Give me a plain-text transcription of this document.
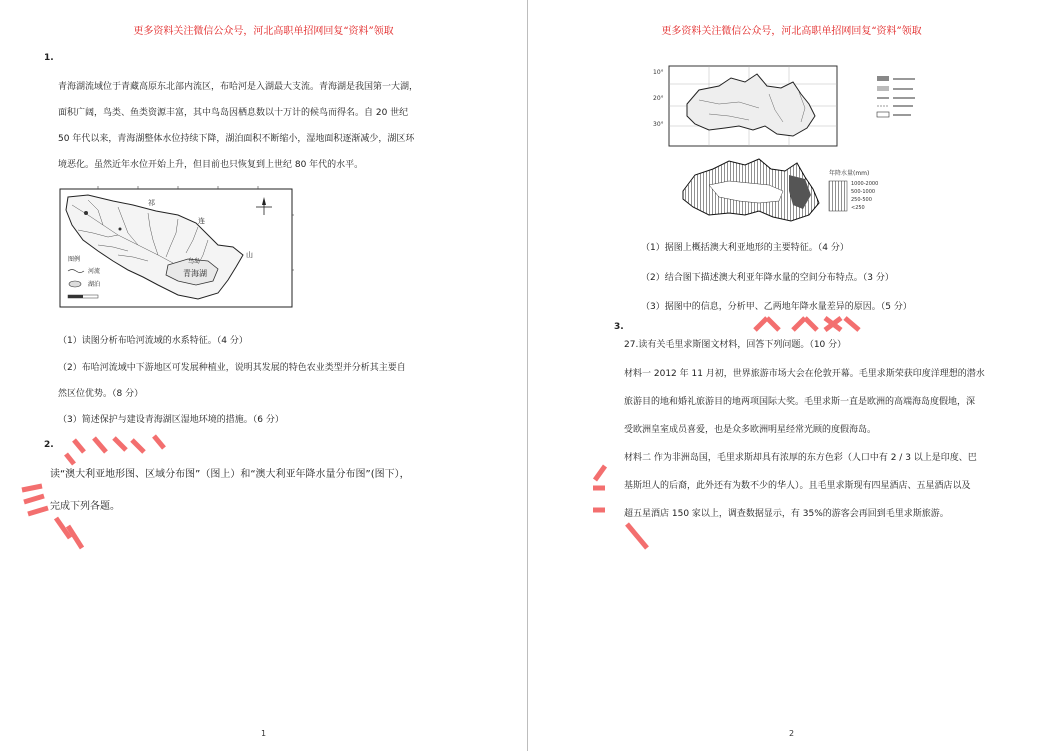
更多资料关注微信公众号，河北高职单招网回复“资料”领取
1.
青海湖流域位于青藏高原东北部内流区，布哈河是入湖最大支流。青海湖是我国第一大湖，
面积广阔，鸟类、鱼类资源丰富，其中鸟岛因栖息数以十万计的候鸟而得名。自 20 世纪
50 年代以来，青海湖整体水位持续下降，湖泊面积不断缩小，湿地面积逐渐减少，湖区环
境恶化。虽然近年水位开始上升，但目前也只恢复到上世纪 80 年代的水平。
青海湖
鸟岛
祁
连
山
图例
河流
湖泊
（1）读图分析布哈河流域的水系特征。（4 分）
（2）布哈河流域中下游地区可发展种植业，说明其发展的特色农业类型并分析其主要自
然区位优势。（8 分）
（3）简述保护与建设青海湖区湿地环境的措施。（6 分）
2.
读“澳大利亚地形图、区域分布图”（图上）和“澳大利亚年降水量分布图”(图下），
完成下列各题。
1
更多资料关注微信公众号，河北高职单招网回复“资料”领取
10°
20°
30°
年降水量(mm)
1000-2000
500-1000
250-500
<250
（1）据图上概括澳大利亚地形的主要特征。（4 分）
（2）结合图下描述澳大利亚年降水量的空间分布特点。（3 分）
（3）据图中的信息，分析甲、乙两地年降水量差异的原因。（5 分）
3.
27.读有关毛里求斯图文材料，回答下列问题。（10 分）
材料一 2012 年 11 月初，世界旅游市场大会在伦敦开幕。毛里求斯荣获印度洋理想的潜水
旅游目的地和婚礼旅游目的地两项国际大奖。毛里求斯一直是欧洲的高端海岛度假地，深
受欧洲皇室成员喜爱，也是众多欧洲明星经常光顾的度假海岛。
材料二 作为非洲岛国，毛里求斯却具有浓厚的东方色彩（人口中有 2 / 3 以上是印度、巴
基斯坦人的后裔，此外还有为数不少的华人）。且毛里求斯现有四星酒店、五星酒店以及
超五星酒店 150 家以上，调查数据显示，有 35%的游客会再回到毛里求斯旅游。
2
